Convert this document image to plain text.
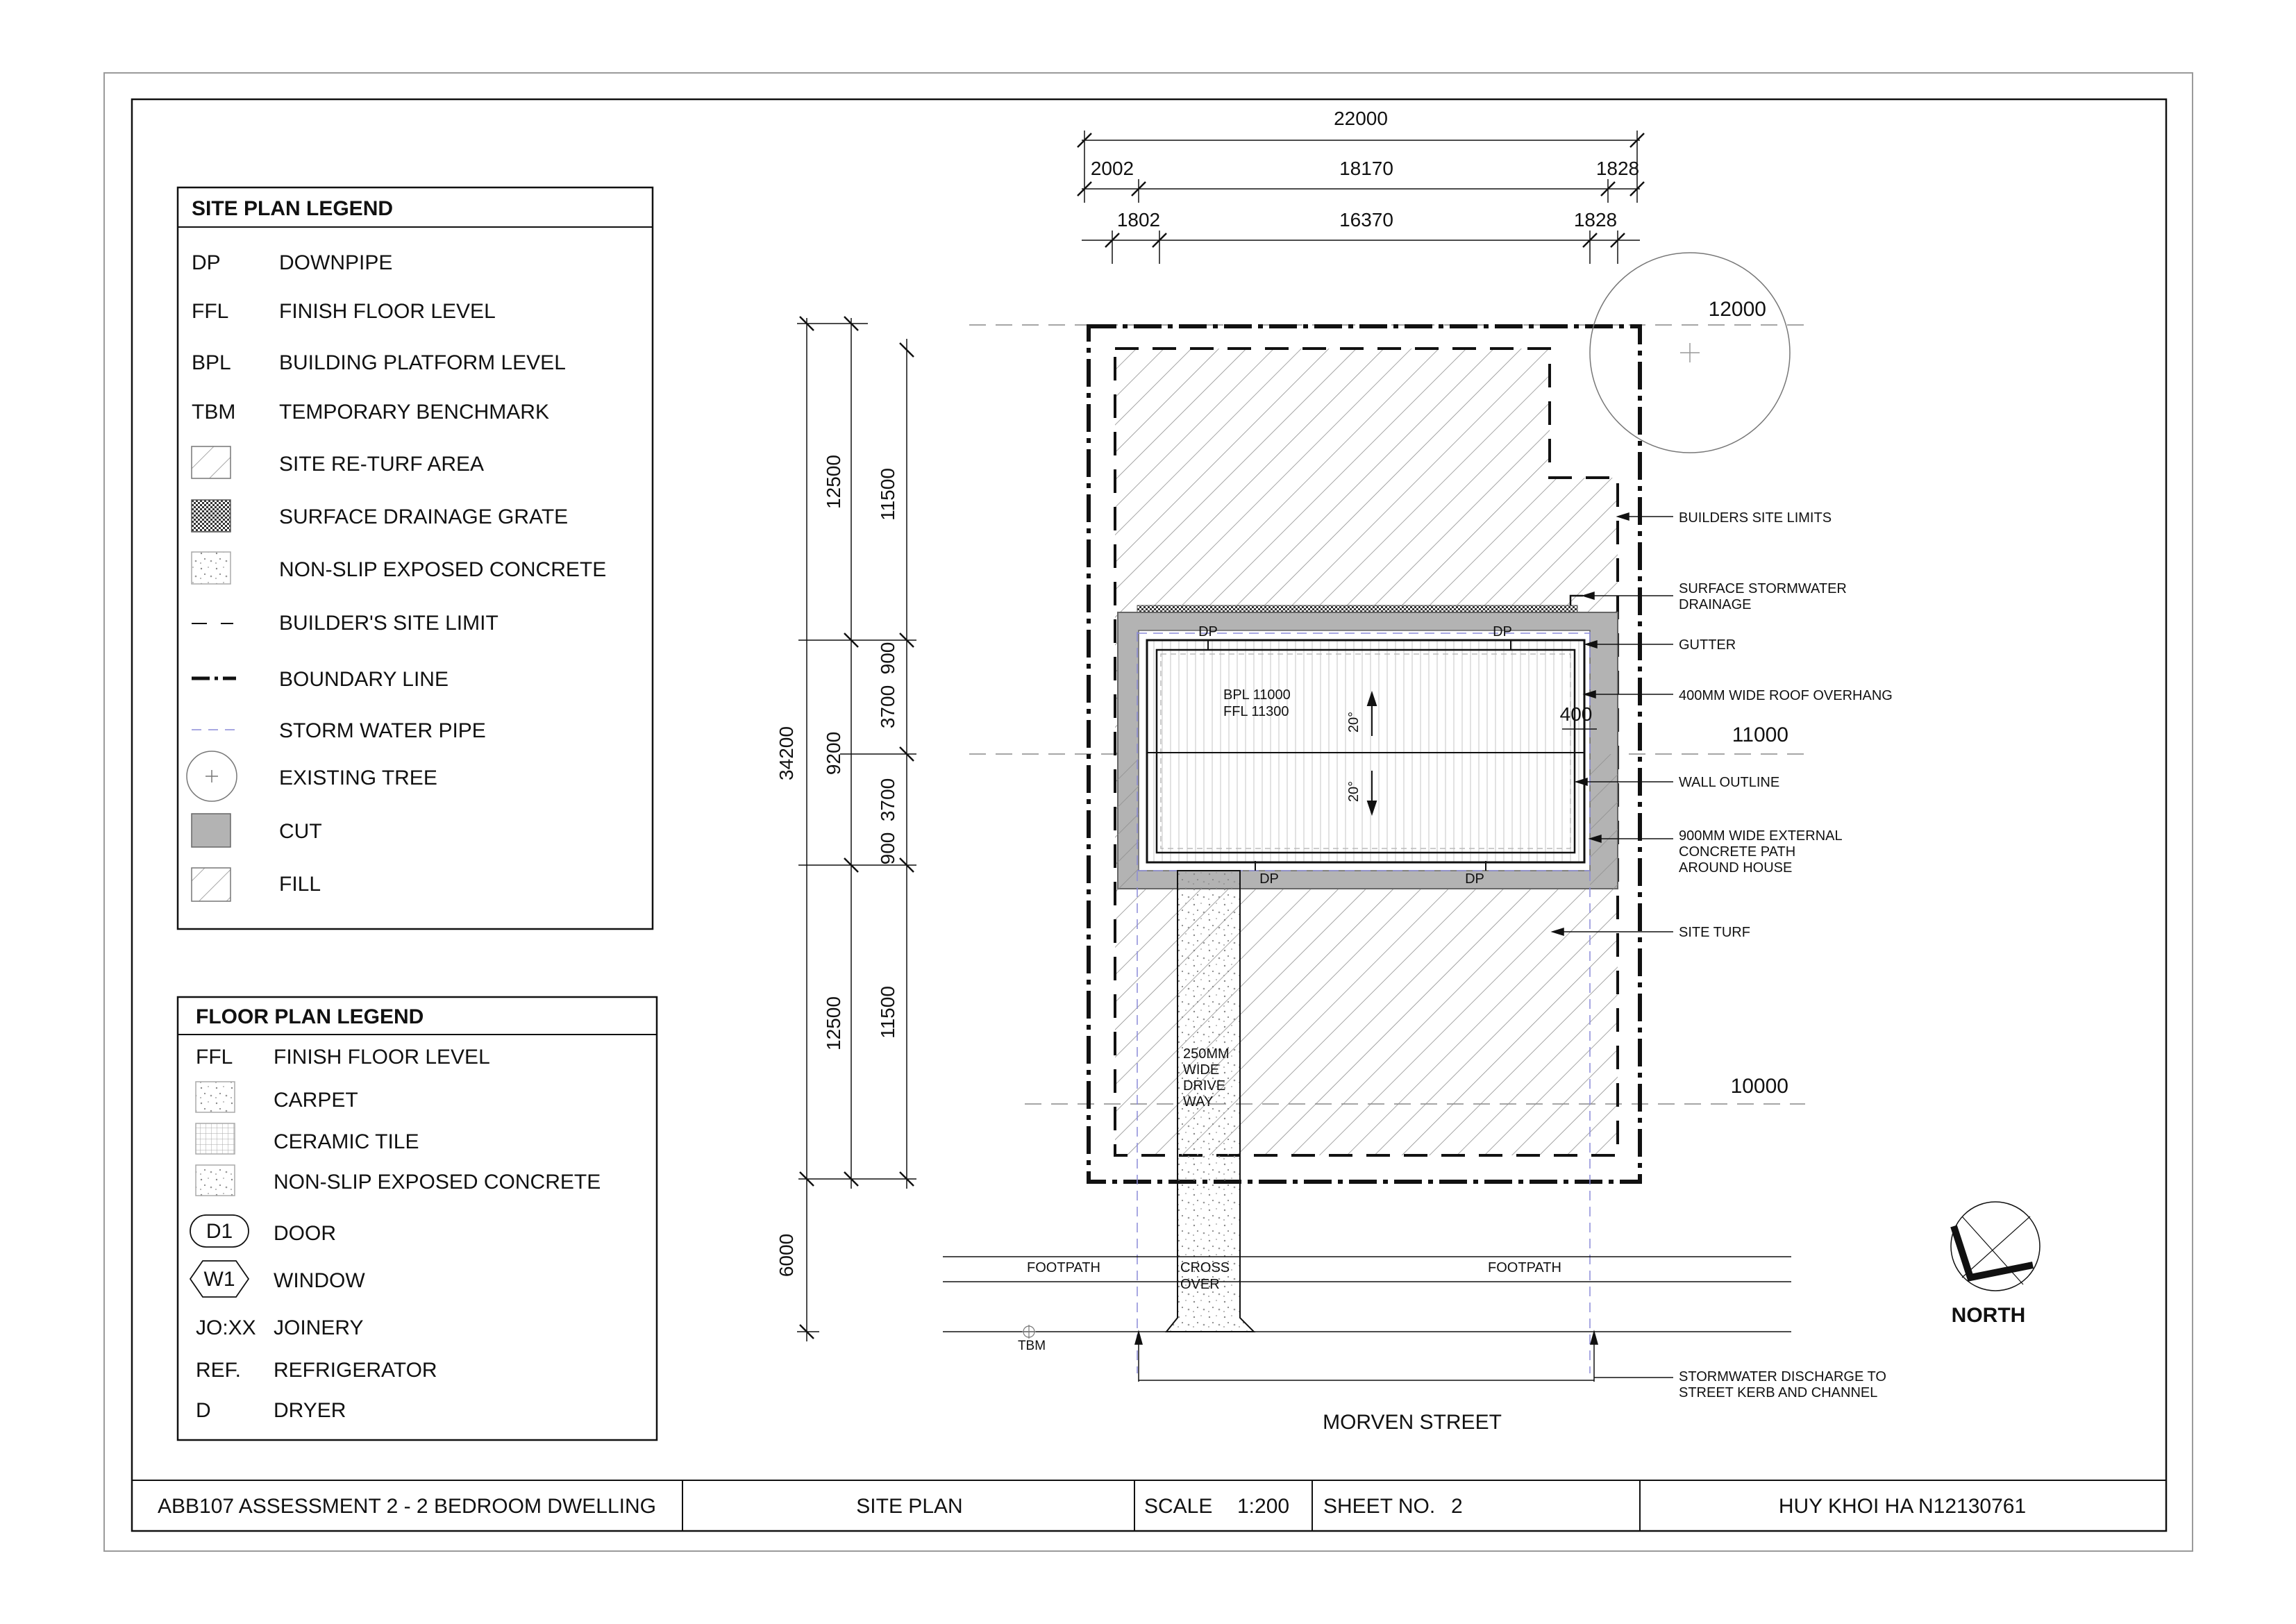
SITE PLAN LEGEND
DP	DOWNPIPE
FFL FINISH FLOOR LEVEL
BPL BUILDING PLATFORM LEVEL
TBM TEMPORARY BENCHMARK
SITE RE-TURF AREA
SURFACE DRAINAGE GRATE
NON-SLIP EXPOSED CONCRETE
BUILDER'S SITE LIMIT
BOUNDARY LINE
STORM WATER PIPE
EXISTING TREE
CUT
FILL
FLOOR PLAN LEGEND
FFL FINISH FLOOR LEVEL
CARPET
CERAMIC TILE
NON-SLIP EXPOSED CONCRETE
D1 DOOR
W1 WINDOW
JO:XX JOINERY
REF. REFRIGERATOR
D	DRYER
22000
2002	18170	1828
1802	16370	1828
34200
6000
12500
9200
12500
11500
900
3700
3700
900
11500
12000
11000
10000
DP	DP
DP	DP
BPL 11000
FFL 11300	20°
20°
400
250MM
WIDE
DRIVE
WAY
FOOTPATH	FOOTPATH
CROSS
OVER
TBM
MORVEN STREET
NORTH
BUILDERS SITE LIMITS
SURFACE STORMWATER
DRAINAGE
GUTTER
400MM WIDE ROOF OVERHANG
WALL OUTLINE
900MM WIDE EXTERNAL
CONCRETE PATH
AROUND HOUSE
SITE TURF
STORMWATER DISCHARGE TO
STREET KERB AND CHANNEL
ABB107 ASSESSMENT 2 - 2 BEDROOM DWELLING	SITE PLAN	SCALE 1:200 SHEET NO. 2	HUY KHOI HA N12130761
